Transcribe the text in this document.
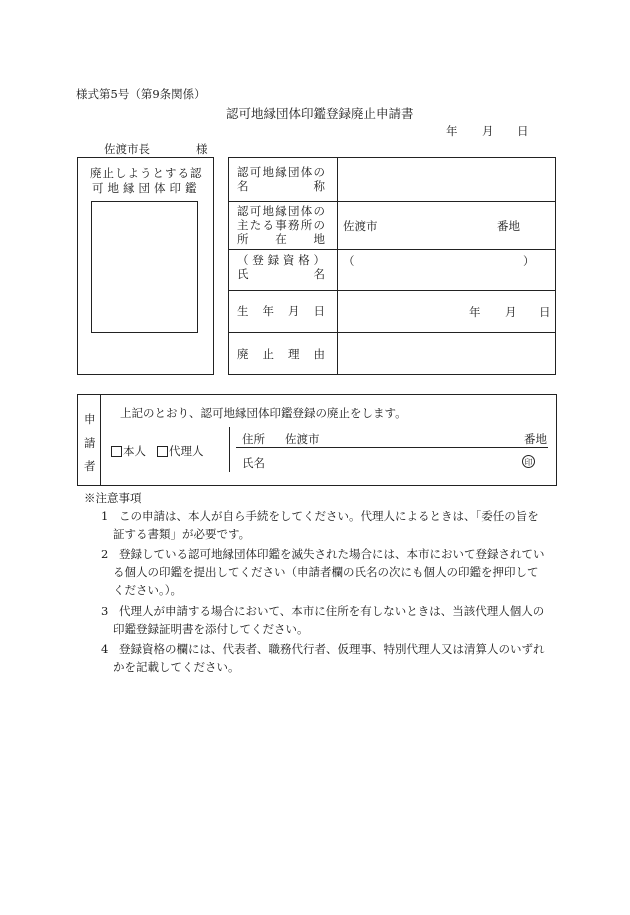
様式第5号（第9条関係）
認可地縁団体印鑑登録廃止申請書
年 月 日
佐渡市長	様
廃止しようとする認
可地縁団体印鑑
認 可 地 縁 団 体 の
名	称
認 可 地 縁 団 体 の
主 た る 事 務 所 の
所 在 地
佐渡市	番地
（ 登 録 資 格 ）
氏	名
（	）
生 年 月 日	年 月 日
廃 止 理 由
申
請
者
上記のとおり、認可地縁団体印鑑登録の廃止をします。
本人 代理人
住所 佐渡市	番地
氏名	印
※注意事項
1 この申請は、本人が自ら手続をしてください。代理人によるときは、「委任の旨を
証する書類」が必要です。
2 登録している認可地縁団体印鑑を滅失された場合には、本市において登録されてい
る個人の印鑑を提出してください（申請者欄の氏名の次にも個人の印鑑を押印して
ください。）。
3 代理人が申請する場合において、本市に住所を有しないときは、当該代理人個人の
印鑑登録証明書を添付してください。
4 登録資格の欄には、代表者、職務代行者、仮理事、特別代理人又は清算人のいずれ
かを記載してください。
